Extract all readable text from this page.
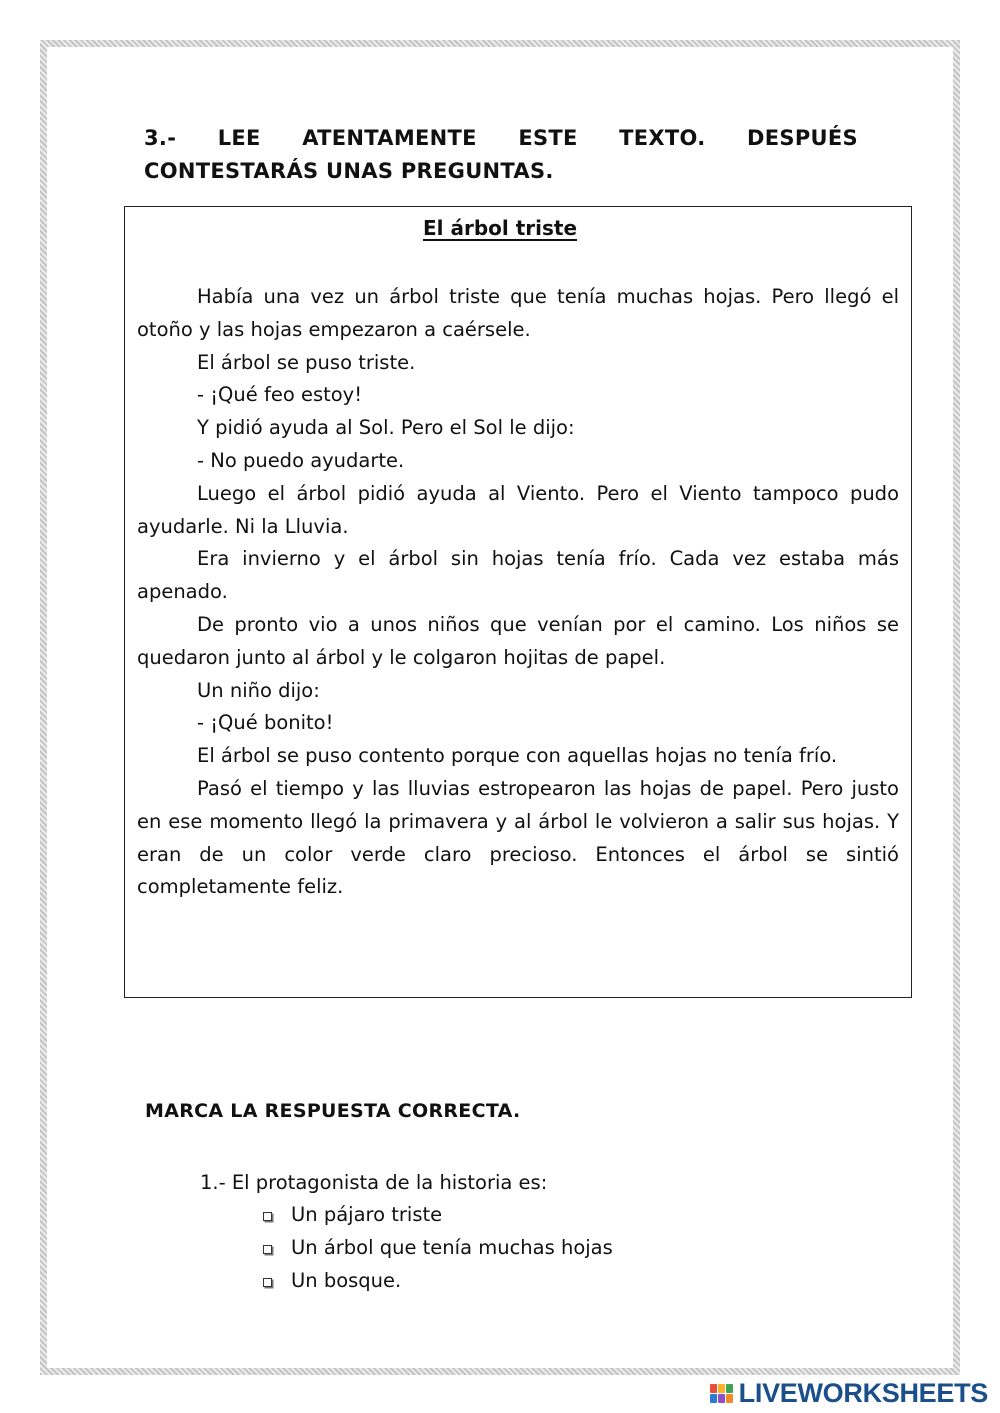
3.- LEE ATENTAMENTE ESTE TEXTO. DESPUÉS
CONTESTARÁS UNAS PREGUNTAS.
El árbol triste

Había una vez un árbol triste que tenía muchas hojas. Pero llegó el otoño y las hojas empezaron a caérsele.

El árbol se puso triste.

- ¡Qué feo estoy!

Y pidió ayuda al Sol. Pero el Sol le dijo:

- No puedo ayudarte.

Luego el árbol pidió ayuda al Viento. Pero el Viento tampoco pudo ayudarle. Ni la Lluvia.

Era invierno y el árbol sin hojas tenía frío. Cada vez estaba más apenado.

De pronto vio a unos niños que venían por el camino. Los niños se quedaron junto al árbol y le colgaron hojitas de papel.

Un niño dijo:

- ¡Qué bonito!

El árbol se puso contento porque con aquellas hojas no tenía frío.

Pasó el tiempo y las lluvias estropearon las hojas de papel. Pero justo en ese momento llegó la primavera y al árbol le volvieron a salir sus hojas. Y eran de un color verde claro precioso. Entonces el árbol se sintió completamente feliz.

MARCA LA RESPUESTA CORRECTA.
1.- El protagonista de la historia es:
Un pájaro triste
Un árbol que tenía muchas hojas
Un bosque.
LIVEWORKSHEETS
